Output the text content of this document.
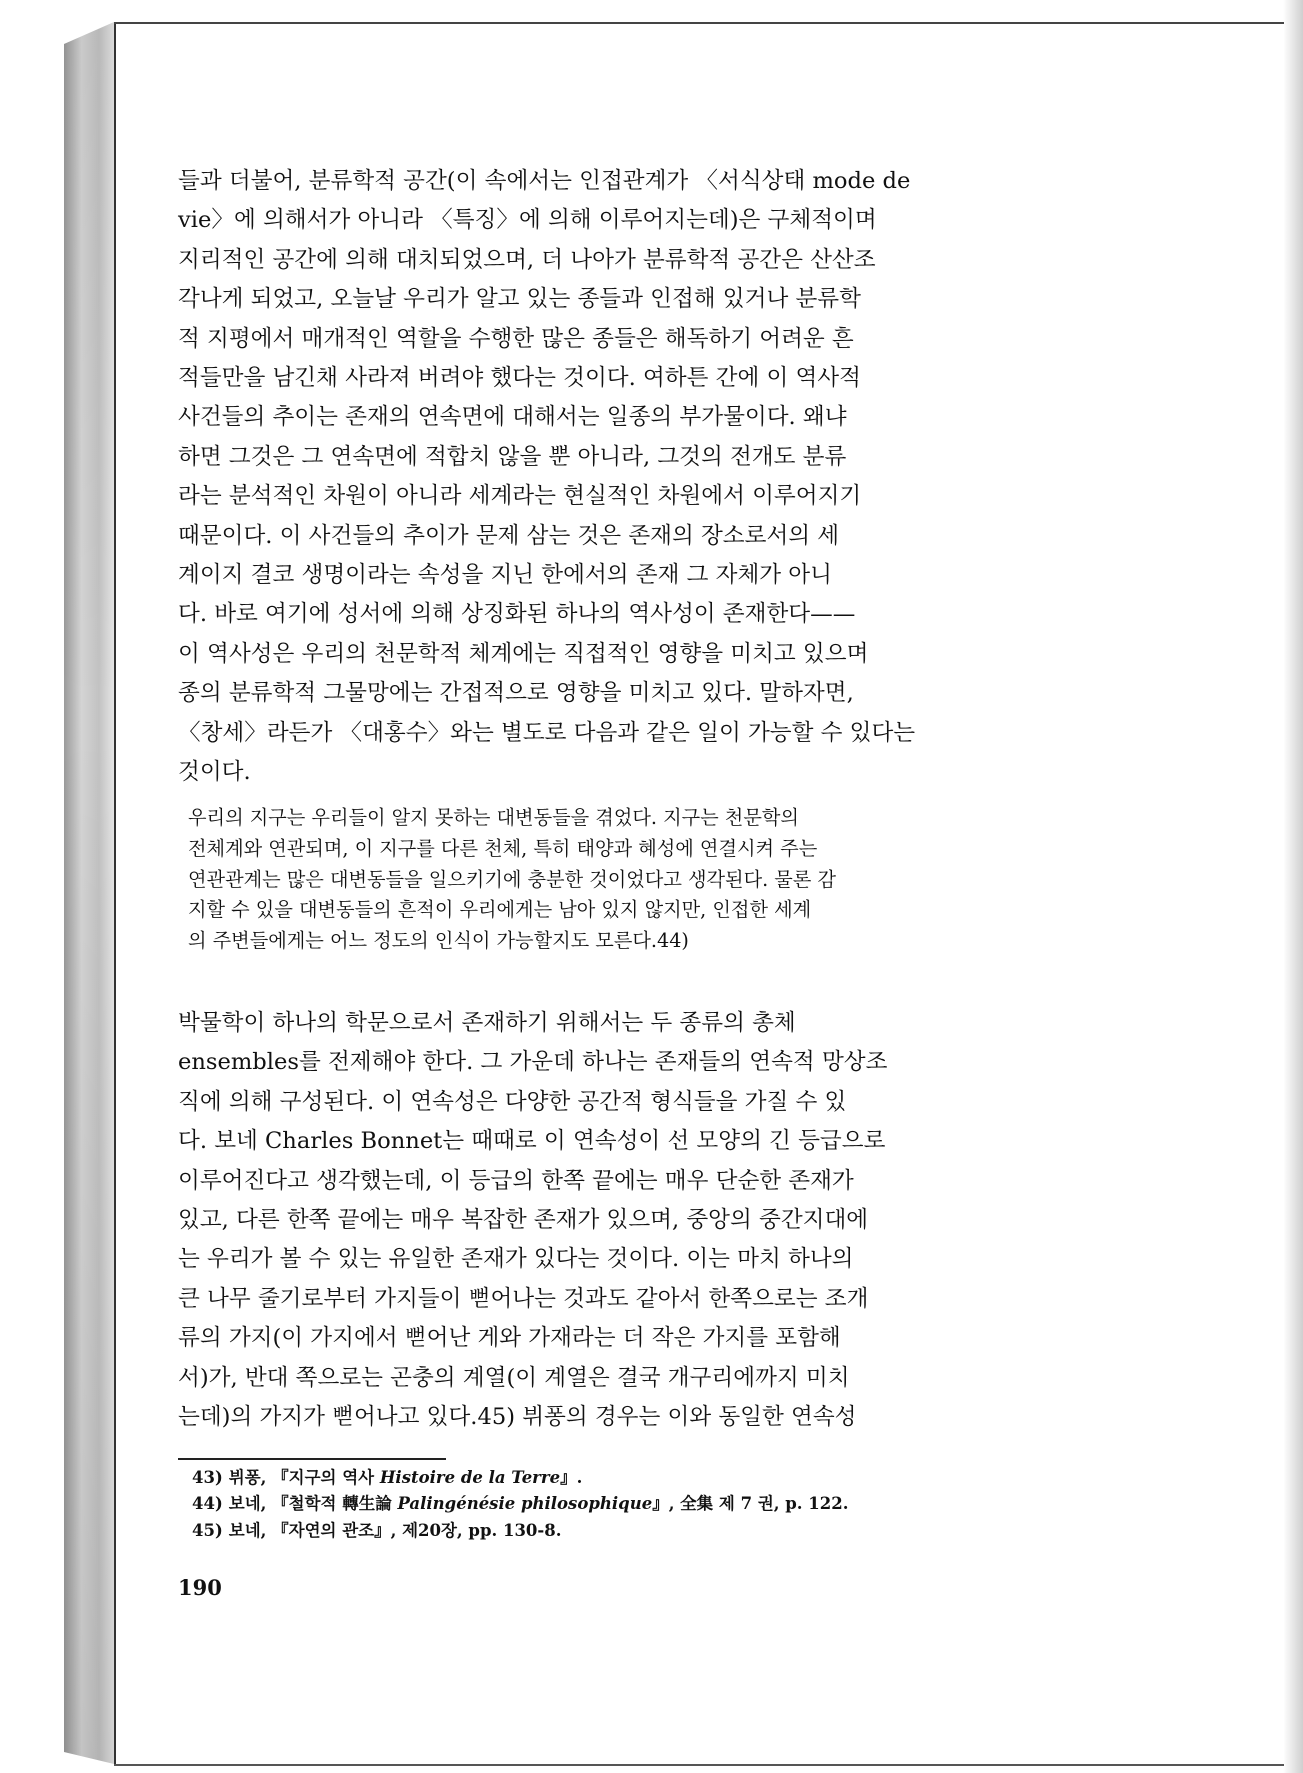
들과 더불어, 분류학적 공간(이 속에서는 인접관계가 〈서식상태 mode de
vie〉에 의해서가 아니라 〈특징〉에 의해 이루어지는데)은 구체적이며
지리적인 공간에 의해 대치되었으며, 더 나아가 분류학적 공간은 산산조
각나게 되었고, 오늘날 우리가 알고 있는 종들과 인접해 있거나 분류학
적 지평에서 매개적인 역할을 수행한 많은 종들은 해독하기 어려운 흔
적들만을 남긴채 사라져 버려야 했다는 것이다. 여하튼 간에 이 역사적
사건들의 추이는 존재의 연속면에 대해서는 일종의 부가물이다. 왜냐
하면 그것은 그 연속면에 적합치 않을 뿐 아니라, 그것의 전개도 분류
라는 분석적인 차원이 아니라 세계라는 현실적인 차원에서 이루어지기
때문이다. 이 사건들의 추이가 문제 삼는 것은 존재의 장소로서의 세
계이지 결코 생명이라는 속성을 지닌 한에서의 존재 그 자체가 아니
다. 바로 여기에 성서에 의해 상징화된 하나의 역사성이 존재한다——
이 역사성은 우리의 천문학적 체계에는 직접적인 영향을 미치고 있으며
종의 분류학적 그물망에는 간접적으로 영향을 미치고 있다. 말하자면,
〈창세〉라든가 〈대홍수〉와는 별도로 다음과 같은 일이 가능할 수 있다는
것이다.

우리의 지구는 우리들이 알지 못하는 대변동들을 겪었다. 지구는 천문학의
전체계와 연관되며, 이 지구를 다른 천체, 특히 태양과 혜성에 연결시켜 주는
연관관계는 많은 대변동들을 일으키기에 충분한 것이었다고 생각된다. 물론 감
지할 수 있을 대변동들의 흔적이 우리에게는 남아 있지 않지만, 인접한 세계
의 주변들에게는 어느 정도의 인식이 가능할지도 모른다.44)

박물학이 하나의 학문으로서 존재하기 위해서는 두 종류의 총체
ensembles를 전제해야 한다. 그 가운데 하나는 존재들의 연속적 망상조
직에 의해 구성된다. 이 연속성은 다양한 공간적 형식들을 가질 수 있
다. 보네 Charles Bonnet는 때때로 이 연속성이 선 모양의 긴 등급으로
이루어진다고 생각했는데, 이 등급의 한쪽 끝에는 매우 단순한 존재가
있고, 다른 한쪽 끝에는 매우 복잡한 존재가 있으며, 중앙의 중간지대에
는 우리가 볼 수 있는 유일한 존재가 있다는 것이다. 이는 마치 하나의
큰 나무 줄기로부터 가지들이 뻗어나는 것과도 같아서 한쪽으로는 조개
류의 가지(이 가지에서 뻗어난 게와 가재라는 더 작은 가지를 포함해
서)가, 반대 쪽으로는 곤충의 계열(이 계열은 결국 개구리에까지 미치
는데)의 가지가 뻗어나고 있다.45) 뷔퐁의 경우는 이와 동일한 연속성

43) 뷔퐁, 『지구의 역사 Histoire de la Terre』.

44) 보네, 『철학적 轉生論 Palingénésie philosophique』, 全集 제 7 권, p. 122.

45) 보네, 『자연의 관조』, 제20장, pp. 130-8.

190
